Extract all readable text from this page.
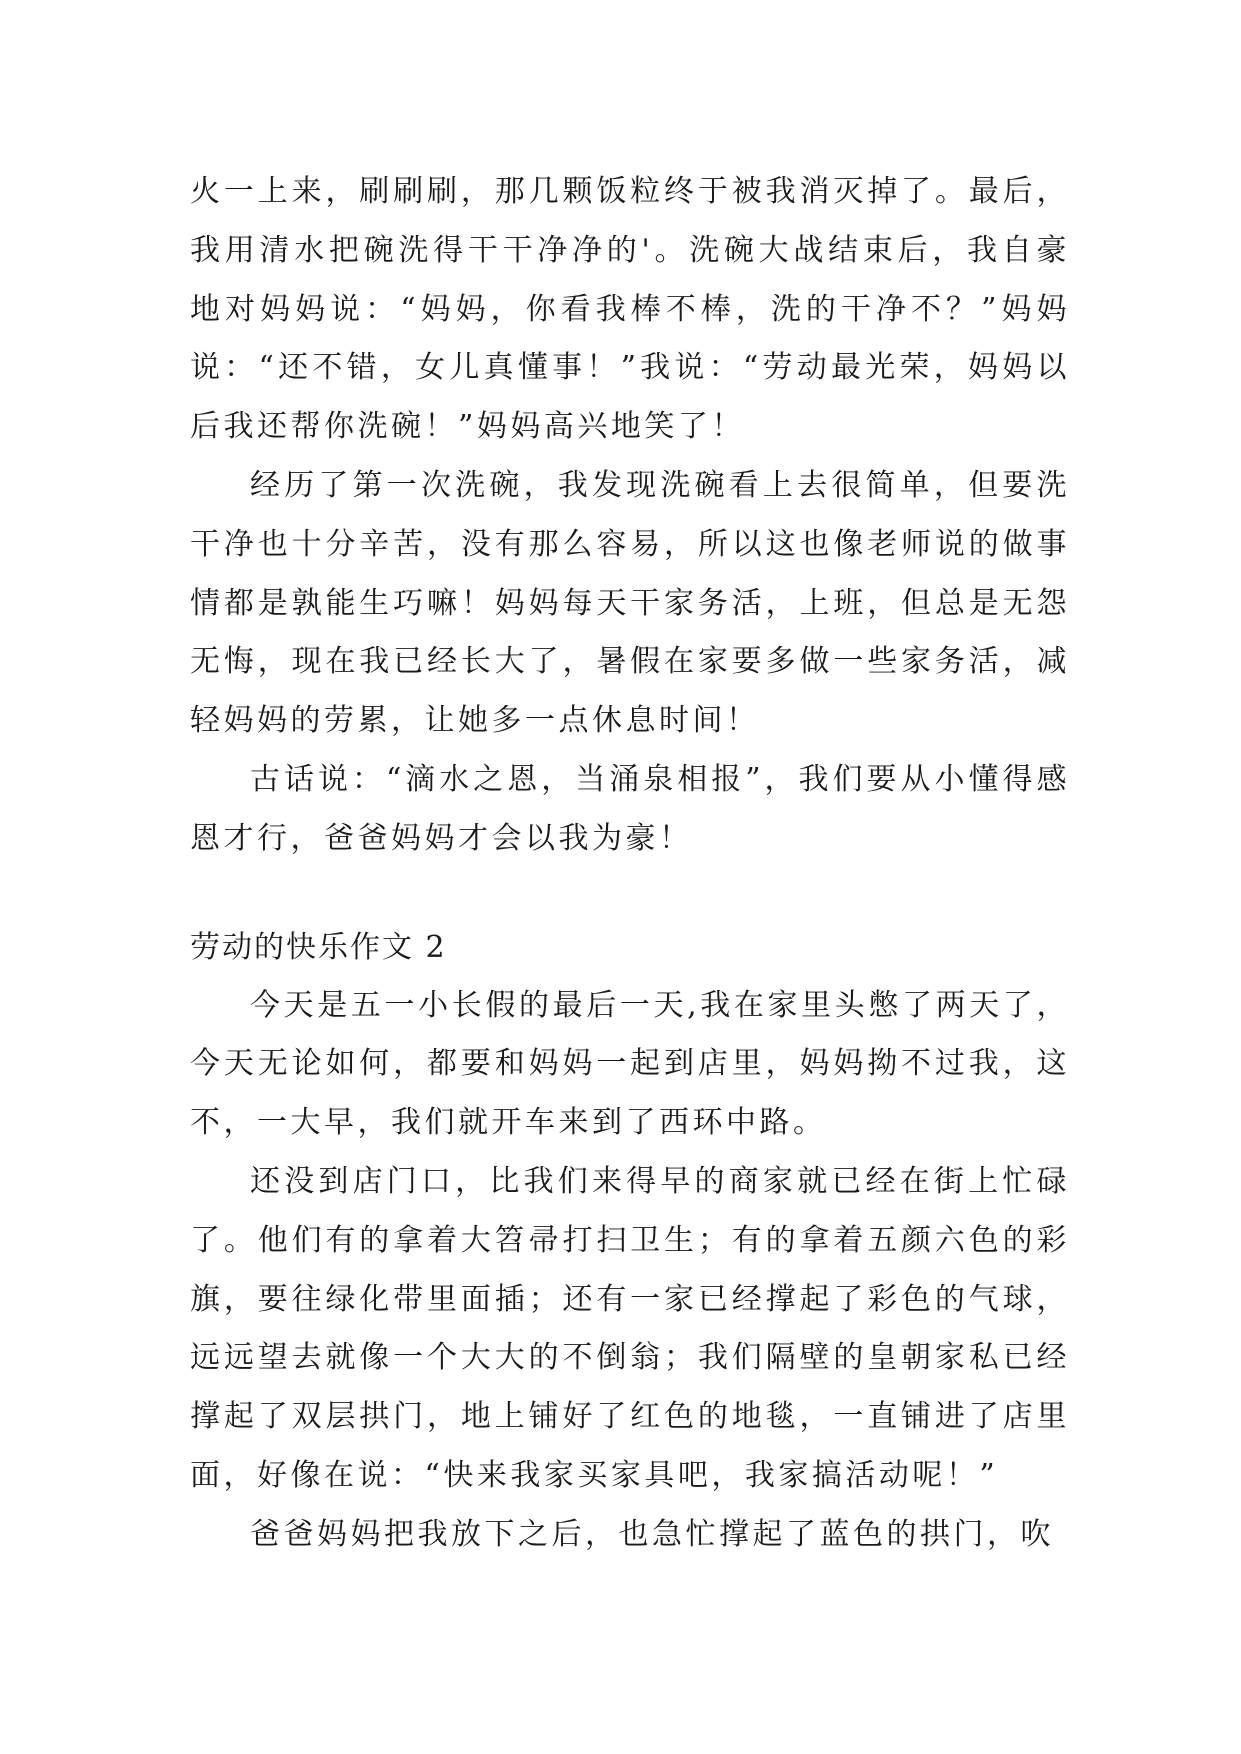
火一上来，刷刷刷，那几颗饭粒终于被我消灭掉了。最后，我用清水把碗洗得干干净净的'。洗碗大战结束后，我自豪地对妈妈说：“妈妈，你看我棒不棒，洗的干净不？”妈妈说：“还不错，女儿真懂事！”我说：“劳动最光荣，妈妈以后我还帮你洗碗！”妈妈高兴地笑了！

经历了第一次洗碗，我发现洗碗看上去很简单，但要洗干净也十分辛苦，没有那么容易，所以这也像老师说的做事情都是孰能生巧嘛！妈妈每天干家务活，上班，但总是无怨无悔，现在我已经长大了，暑假在家要多做一些家务活，减轻妈妈的劳累，让她多一点休息时间！

古话说：“滴水之恩，当涌泉相报”，我们要从小懂得感恩才行，爸爸妈妈才会以我为豪！

劳动的快乐作文 2

今天是五一小长假的最后一天,我在家里头憋了两天了，今天无论如何，都要和妈妈一起到店里，妈妈拗不过我，这不，一大早，我们就开车来到了西环中路。

还没到店门口，比我们来得早的商家就已经在街上忙碌了。他们有的拿着大笤帚打扫卫生；有的拿着五颜六色的彩旗，要往绿化带里面插；还有一家已经撑起了彩色的气球，远远望去就像一个大大的不倒翁；我们隔壁的皇朝家私已经撑起了双层拱门，地上铺好了红色的地毯，一直铺进了店里面，好像在说：“快来我家买家具吧，我家搞活动呢！”

爸爸妈妈把我放下之后，也急忙撑起了蓝色的拱门，吹
